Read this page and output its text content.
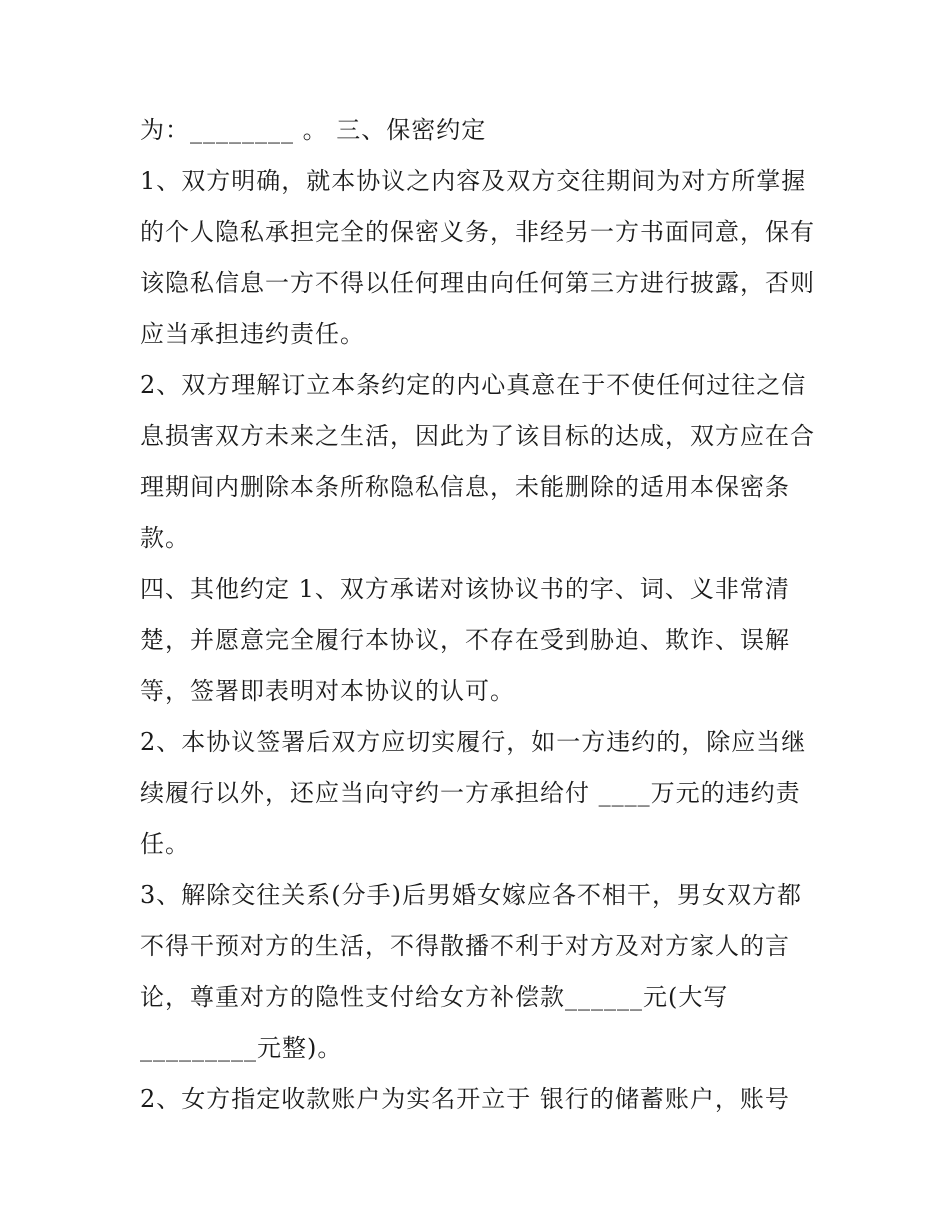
为：________ 。 三、保密约定
1、双方明确，就本协议之内容及双方交往期间为对方所掌握
的个人隐私承担完全的保密义务，非经另一方书面同意，保有
该隐私信息一方不得以任何理由向任何第三方进行披露，否则
应当承担违约责任。
2、双方理解订立本条约定的内心真意在于不使任何过往之信
息损害双方未来之生活，因此为了该目标的达成，双方应在合
理期间内删除本条所称隐私信息，未能删除的适用本保密条
款。
四、其他约定 1、双方承诺对该协议书的字、词、义非常清
楚，并愿意完全履行本协议，不存在受到胁迫、欺诈、误解
等，签署即表明对本协议的认可。
2、本协议签署后双方应切实履行，如一方违约的，除应当继
续履行以外，还应当向守约一方承担给付 ____万元的违约责
任。
3、解除交往关系(分手)后男婚女嫁应各不相干，男女双方都
不得干预对方的生活，不得散播不利于对方及对方家人的言
论，尊重对方的隐性支付给女方补偿款______元(大写
_________元整)。
2、女方指定收款账户为实名开立于 银行的储蓄账户，账号
